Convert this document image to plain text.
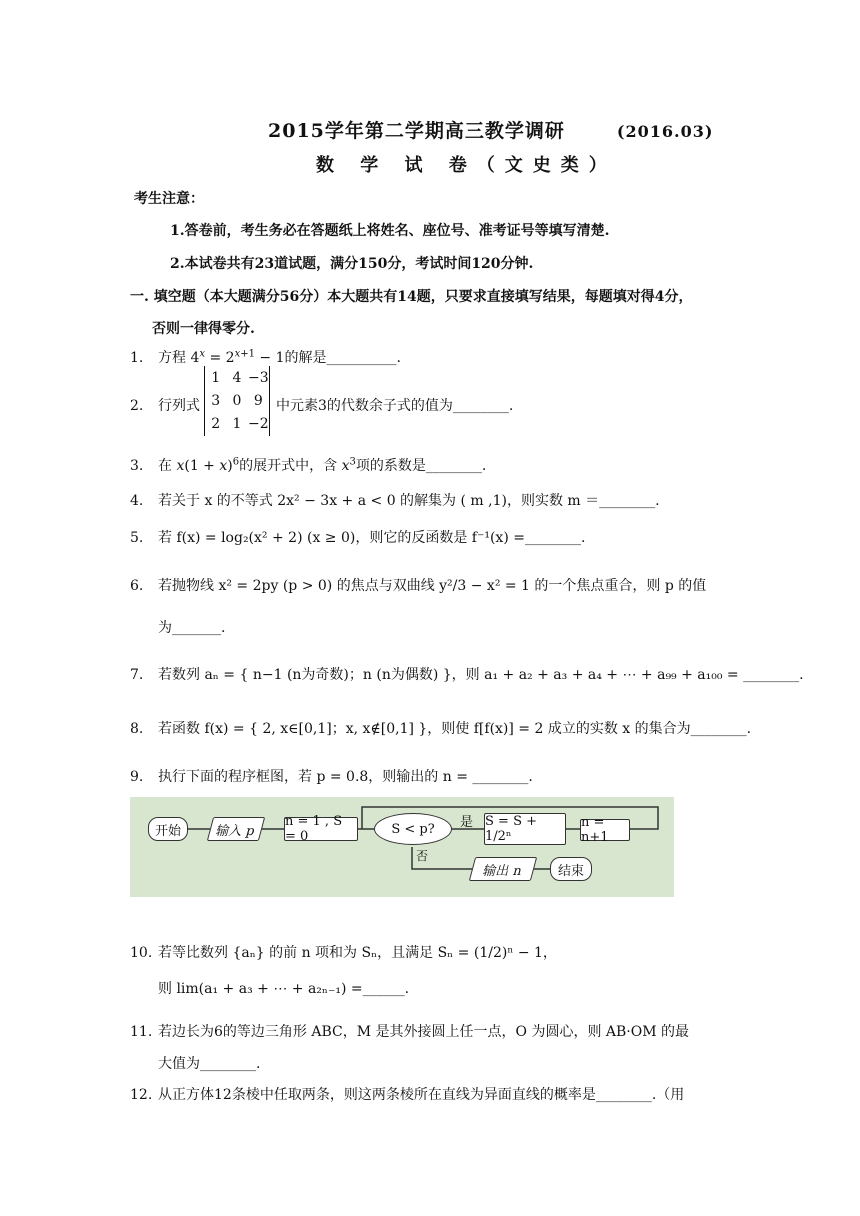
2015学年第二学期高三教学调研	(2016.03)
数 学 试 卷（文史类）
考生注意：
1.答卷前，考生务必在答题纸上将姓名、座位号、准考证号等填写清楚.
2.本试卷共有23道试题，满分150分，考试时间120分钟.
一. 填空题（本大题满分56分）本大题共有14题，只要求直接填写结果，每题填对得4分，
否则一律得零分.
1. 方程 $4^x = 2^{x+1} - 1$的解是__________.
2. 行列式
1 4 −3
3 0 9
2 1 −2
中元素3的代数余子式的值为________.
3. 在 $x(1 + x)^6$的展开式中，含 $x^3$项的系数是________.
4. 若关于 x 的不等式 2x² − 3x + a < 0 的解集为 ( m ,1)，则实数 m ＝________.
5. 若 f(x) = log₂(x² + 2) (x ≥ 0)，则它的反函数是 f⁻¹(x) =________.
6. 若抛物线 x² = 2py (p > 0) 的焦点与双曲线 y²/3 − x² = 1 的一个焦点重合，则 p 的值
为_______.
7. 若数列 aₙ = { n−1 (n为奇数)；n (n为偶数) }，则 a₁ + a₂ + a₃ + a₄ + ⋯ + a₉₉ + a₁₀₀ = ________.
8. 若函数 f(x) = { 2, x∈[0,1]；x, x∉[0,1] }，则使 f[f(x)] = 2 成立的实数 x 的集合为________.
9. 执行下面的程序框图，若 p = 0.8，则输出的 n = ________.
开始	输入 p
n = 1 , S = 0	S < p?	是
否
S = S + 1/2ⁿ
n = n+1
输出 n	结束
10. 若等比数列 {aₙ} 的前 n 项和为 Sₙ，且满足 Sₙ = (1/2)ⁿ − 1，
则 lim(a₁ + a₃ + ⋯ + a₂ₙ₋₁) =______.
11. 若边长为6的等边三角形 ABC，M 是其外接圆上任一点，O 为圆心，则 AB·OM 的最
大值为________.
12. 从正方体12条棱中任取两条，则这两条棱所在直线为异面直线的概率是________.（用
